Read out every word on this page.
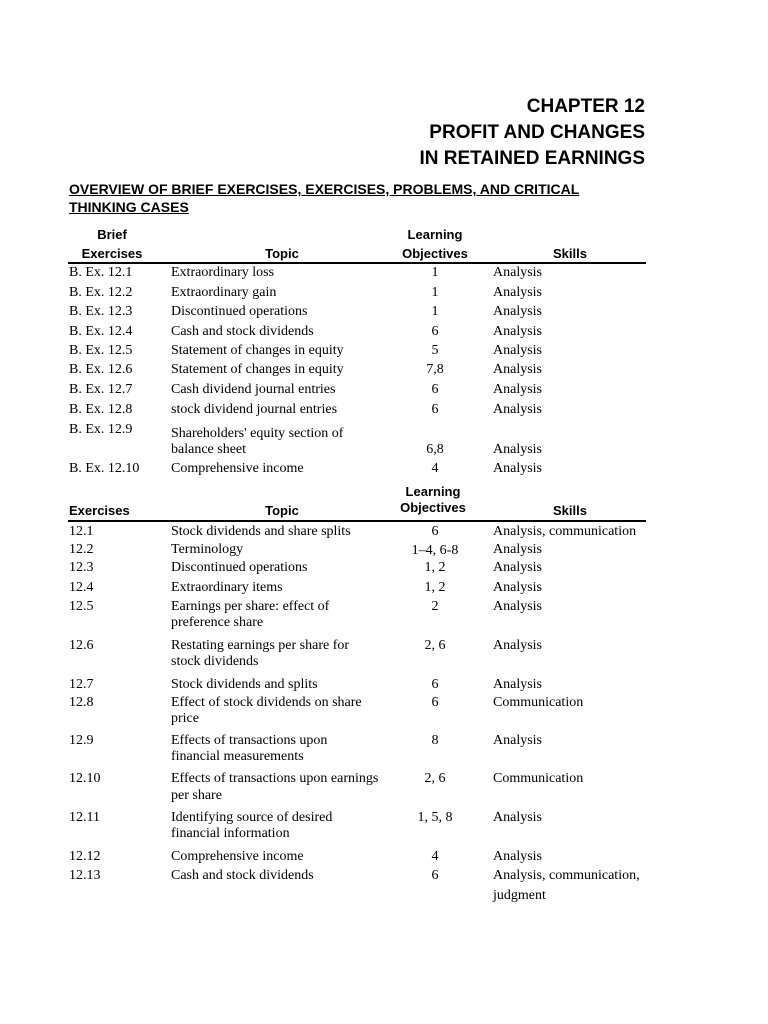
CHAPTER 12
PROFIT AND CHANGES
IN RETAINED EARNINGS
OVERVIEW OF BRIEF EXERCISES, EXERCISES, PROBLEMS, AND CRITICAL THINKING CASES
Brief
Exercises	Topic
Learning
Objectives	Skills
B. Ex. 12.1	Extraordinary loss	1	Analysis
B. Ex. 12.2	Extraordinary gain	1	Analysis
B. Ex. 12.3	Discontinued operations	1	Analysis
B. Ex. 12.4	Cash and stock dividends	6	Analysis
B. Ex. 12.5	Statement of changes in equity	5	Analysis
B. Ex. 12.6	Statement of changes in equity	7,8	Analysis
B. Ex. 12.7	Cash dividend journal entries	6	Analysis
B. Ex. 12.8	stock dividend journal entries	6	Analysis
B. Ex. 12.9	Shareholders' equity section of
balance sheet	6,8	Analysis
B. Ex. 12.10 Comprehensive income	4	Analysis
Exercises	Topic
Learning
Objectives	Skills
12.1	Stock dividends and share splits	6	Analysis, communication
12.2	Terminology	1–4, 6-8	Analysis
12.3	Discontinued operations	1, 2	Analysis
12.4	Extraordinary items	1, 2	Analysis
12.5	Earnings per share: effect of
preference share
2	Analysis
12.6	Restating earnings per share for
stock dividends
2, 6	Analysis
12.7	Stock dividends and splits	6	Analysis
12.8	Effect of stock dividends on share
price
6	Communication
12.9	Effects of transactions upon
financial measurements
8	Analysis
12.10	Effects of transactions upon earnings
per share
2, 6	Communication
12.11	Identifying source of desired
financial information
1, 5, 8	Analysis
12.12	Comprehensive income	4	Analysis
12.13	Cash and stock dividends	6	Analysis, communication,
judgment
